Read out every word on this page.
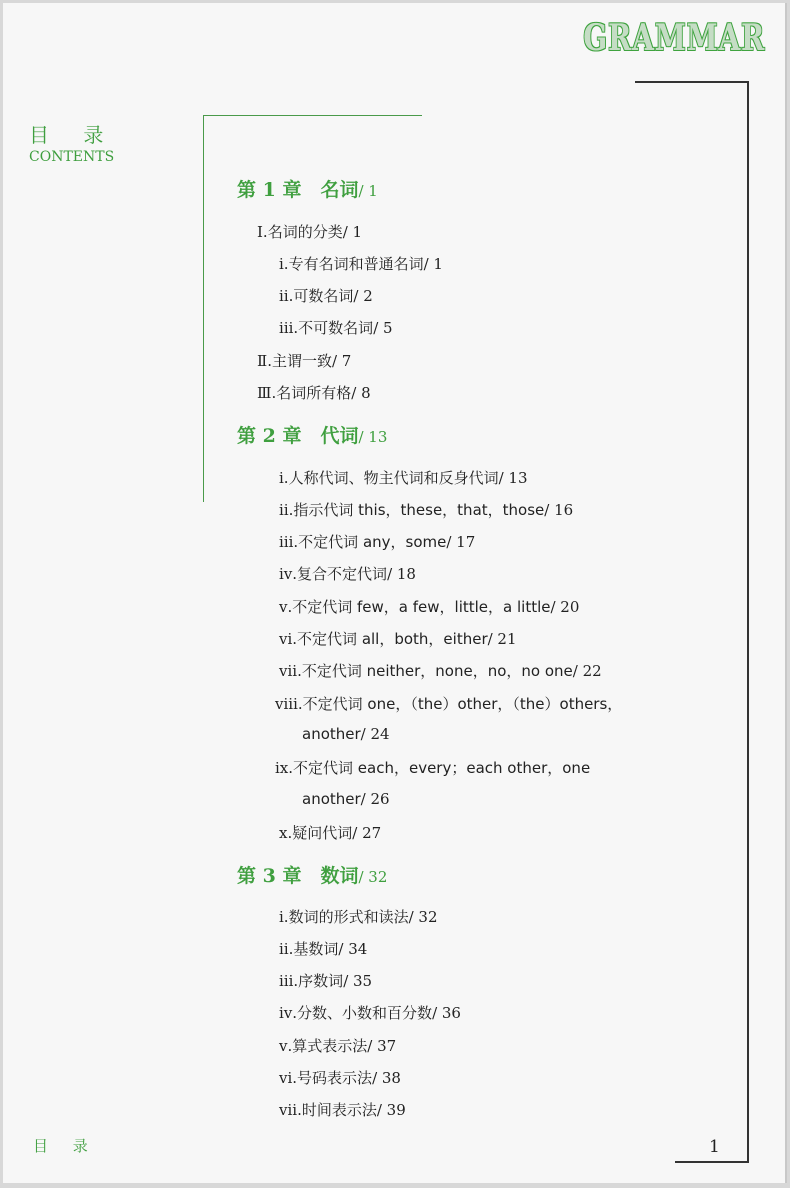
GRAMMAR
目 录
CONTENTS
第 1 章　名词/ 1
Ⅰ.名词的分类/ 1
ⅰ.专有名词和普通名词/ 1
ⅱ.可数名词/ 2
ⅲ.不可数名词/ 5
Ⅱ.主谓一致/ 7
Ⅲ.名词所有格/ 8
第 2 章　代词/ 13
ⅰ.人称代词、物主代词和反身代词/ 13
ⅱ.指示代词 this，these，that，those/ 16
ⅲ.不定代词 any，some/ 17
ⅳ.复合不定代词/ 18
ⅴ.不定代词 few，a few，little，a little/ 20
ⅵ.不定代词 all，both，either/ 21
ⅶ.不定代词 neither，none，no，no one/ 22
ⅷ.不定代词 one，（the）other，（the）others，
another/ 24
ⅸ.不定代词 each，every；each other，one
another/ 26
ⅹ.疑问代词/ 27
第 3 章　数词/ 32
ⅰ.数词的形式和读法/ 32
ⅱ.基数词/ 34
ⅲ.序数词/ 35
ⅳ.分数、小数和百分数/ 36
ⅴ.算式表示法/ 37
ⅵ.号码表示法/ 38
ⅶ.时间表示法/ 39
目 录	1
